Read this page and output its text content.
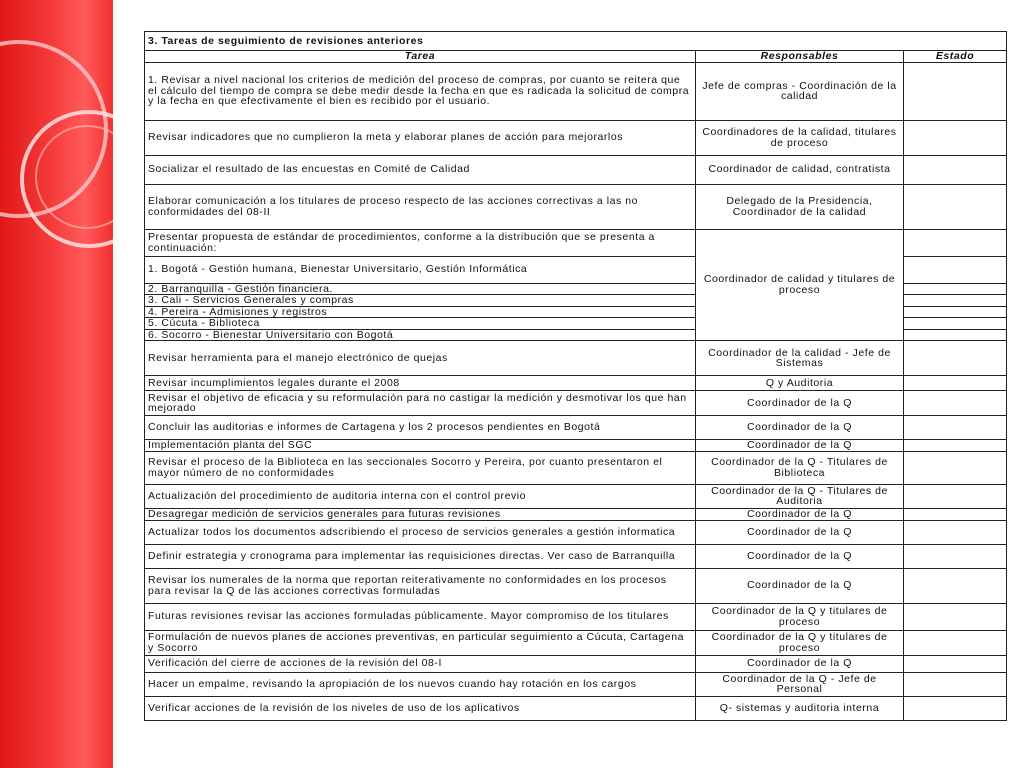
3. Tareas de seguimiento de revisiones anteriores		
Tarea	Responsables	Estado
1. Revisar a nivel nacional los criterios de medición del proceso de compras, por cuanto se reitera que el cálculo del tiempo de compra se debe medir desde la fecha en que es radicada la solicitud de compra y la fecha en que efectivamente el bien es recibido por el usuario.	Jefe de compras - Coordinación de la calidad	
Revisar indicadores que no cumplieron la meta y elaborar planes de acción para mejorarlos	Coordinadores de la calidad, titulares de proceso	
Socializar el resultado de las encuestas en Comité de Calidad	Coordinador de calidad, contratista	
Elaborar comunicación a los titulares de proceso respecto de las acciones correctivas a las no conformidades del 08-II	Delegado de la Presidencia, Coordinador de la calidad	
Presentar propuesta de estándar de procedimientos, conforme a la distribución que se presenta a continuación:	Coordinador de calidad y titulares de proceso	
1. Bogotá - Gestión humana, Bienestar Universitario, Gestión Informática		
2. Barranquilla - Gestión financiera.		
3. Cali - Servicios Generales y compras		
4. Pereira - Admisiones y registros		
5. Cúcuta - Biblioteca		
6. Socorro - Bienestar Universitario con Bogotá		
Revisar herramienta para el manejo electrónico de quejas	Coordinador de la calidad - Jefe de Sistemas	
Revisar incumplimientos legales durante el 2008	Q y Auditoria	
Revisar el objetivo de eficacia y su reformulación para no castigar la medición y desmotivar los que han mejorado	Coordinador de la Q	
Concluir las auditorias e informes de Cartagena y los 2 procesos pendientes en Bogotá	Coordinador de la Q	
Implementación planta del SGC	Coordinador de la Q	
Revisar el proceso de la Biblioteca en las seccionales Socorro y Pereira, por cuanto presentaron el mayor número de no conformidades	Coordinador de la Q - Titulares de Biblioteca	
Actualización del procedimiento de auditoria interna con el control previo	Coordinador de la Q - Titulares de Auditoria	
Desagregar medición de servicios generales para futuras revisiones	Coordinador de la Q	
Actualizar todos los documentos adscribiendo el proceso de servicios generales a gestión informatica	Coordinador de la Q	
Definir estrategia y cronograma para implementar las requisiciones directas. Ver caso de Barranquilla	Coordinador de la Q	
Revisar los numerales de la norma que reportan reiterativamente no conformidades en los procesos para revisar la Q de las acciones correctivas formuladas	Coordinador de la Q	
Futuras revisiones revisar las acciones formuladas públicamente. Mayor compromiso de los titulares	Coordinador de la Q y titulares de proceso	
Formulación de nuevos planes de acciones preventivas, en particular seguimiento a Cúcuta, Cartagena y Socorro	Coordinador de la Q y titulares de proceso	
Verificación del cierre de acciones de la revisión del 08-I	Coordinador de la Q	
Hacer un empalme, revisando la apropiación de los nuevos cuando hay rotación en los cargos	Coordinador de la Q - Jefe de Personal	
Verificar acciones de la revisión de los niveles de uso de los aplicativos	Q- sistemas y auditoria interna	
